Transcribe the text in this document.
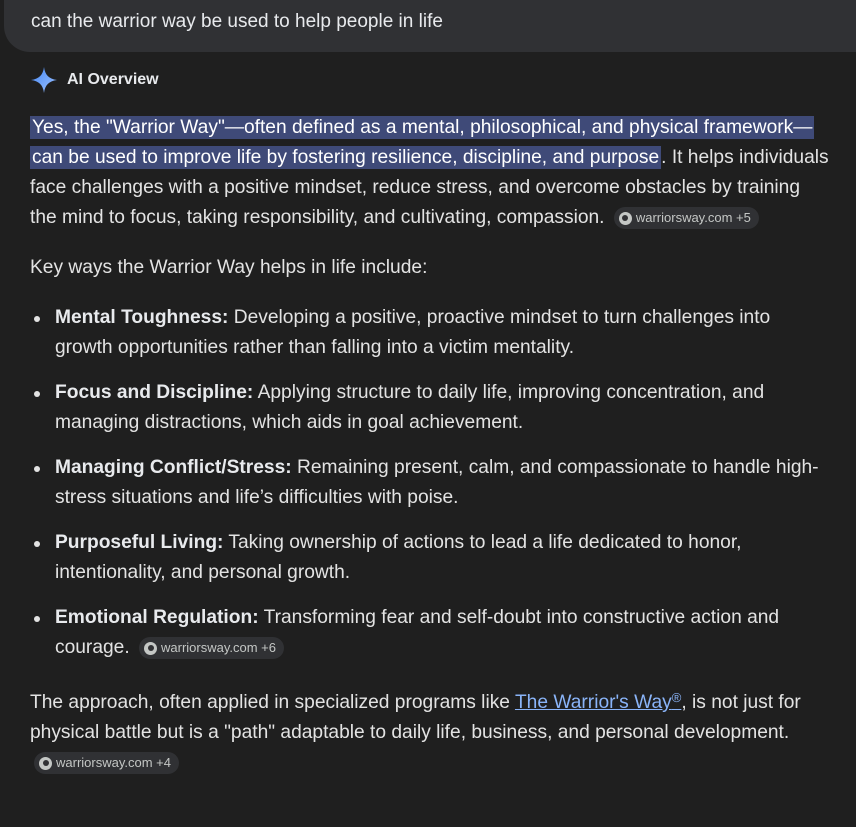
can the warrior way be used to help people in life
AI Overview

Yes, the "Warrior Way"—often defined as a mental, philosophical, and physical framework—can be used to improve life by fostering resilience, discipline, and purpose . It helps individuals face challenges with a positive mindset, reduce stress, and overcome obstacles by training the mind to focus, taking responsibility, and cultivating, compassion. warriorsway.com +5

Key ways the Warrior Way helps in life include:

Mental Toughness: Developing a positive, proactive mindset to turn challenges into growth opportunities rather than falling into a victim mentality.
Focus and Discipline: Applying structure to daily life, improving concentration, and managing distractions, which aids in goal achievement.
Managing Conflict/Stress: Remaining present, calm, and compassionate to handle high-stress situations and life’s difficulties with poise.
Purposeful Living: Taking ownership of actions to lead a life dedicated to honor, intentionality, and personal growth.
Emotional Regulation: Transforming fear and self-doubt into constructive action and courage. warriorsway.com +6

The approach, often applied in specialized programs like The Warrior's Way®, is not just for physical battle but is a "path" adaptable to daily life, business, and personal development.
warriorsway.com +4
